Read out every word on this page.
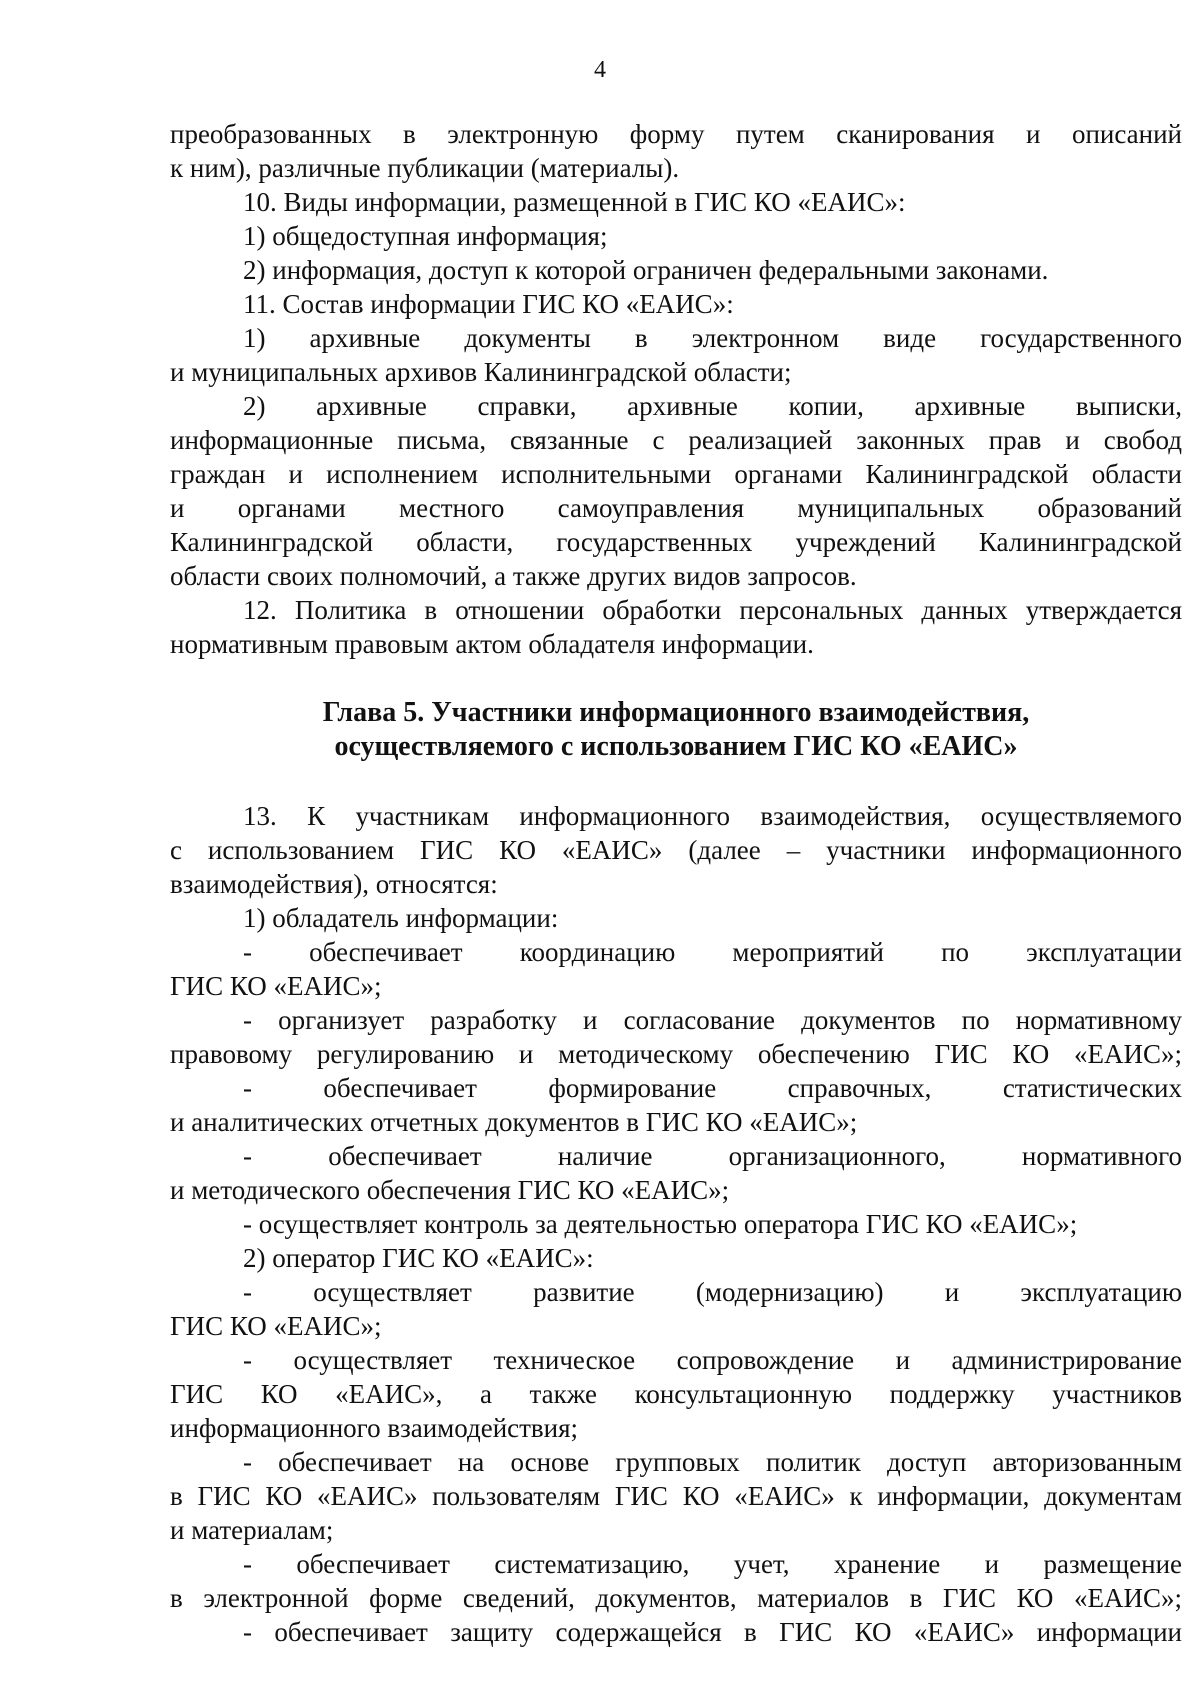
4
преобразованных в электронную форму путем сканирования и описаний
к ним), различные публикации (материалы).
10. Виды информации, размещенной в ГИС КО «ЕАИС»:
1) общедоступная информация;
2) информация, доступ к которой ограничен федеральными законами.
11. Состав информации ГИС КО «ЕАИС»:
1) архивные документы в электронном виде государственного
и муниципальных архивов Калининградской области;
2) архивные справки, архивные копии, архивные выписки,
информационные письма, связанные с реализацией законных прав и свобод
граждан и исполнением исполнительными органами Калининградской области
и органами местного самоуправления муниципальных образований
Калининградской области, государственных учреждений Калининградской
области своих полномочий, а также других видов запросов.
12. Политика в отношении обработки персональных данных утверждается
нормативным правовым актом обладателя информации.
Глава 5. Участники информационного взаимодействия,
осуществляемого с использованием ГИС КО «ЕАИС»
13. К участникам информационного взаимодействия, осуществляемого
с использованием ГИС КО «ЕАИС» (далее – участники информационного
взаимодействия), относятся:
1) обладатель информации:
- обеспечивает координацию мероприятий по эксплуатации
ГИС КО «ЕАИС»;
- организует разработку и согласование документов по нормативному
правовому регулированию и методическому обеспечению ГИС КО «ЕАИС»;
- обеспечивает формирование справочных, статистических
и аналитических отчетных документов в ГИС КО «ЕАИС»;
- обеспечивает наличие организационного, нормативного
и методического обеспечения ГИС КО «ЕАИС»;
- осуществляет контроль за деятельностью оператора ГИС КО «ЕАИС»;
2) оператор ГИС КО «ЕАИС»:
- осуществляет развитие (модернизацию) и эксплуатацию
ГИС КО «ЕАИС»;
- осуществляет техническое сопровождение и администрирование
ГИС КО «ЕАИС», а также консультационную поддержку участников
информационного взаимодействия;
- обеспечивает на основе групповых политик доступ авторизованным
в ГИС КО «ЕАИС» пользователям ГИС КО «ЕАИС» к информации, документам
и материалам;
- обеспечивает систематизацию, учет, хранение и размещение
в электронной форме сведений, документов, материалов в ГИС КО «ЕАИС»;
- обеспечивает защиту содержащейся в ГИС КО «ЕАИС» информации
